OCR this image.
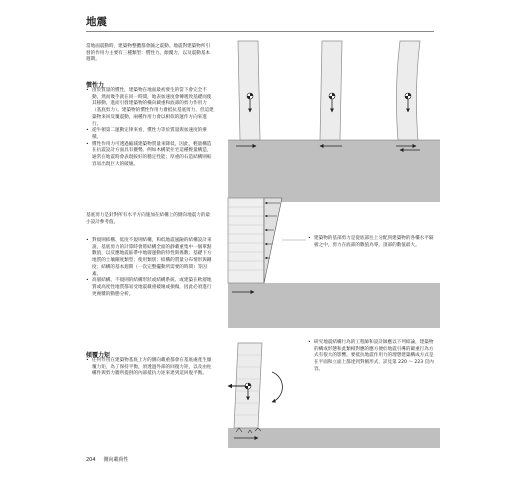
地震

當地面震動時，建築物整體都會隨之震動。地震對建築物所引發的作用力主要有三種類型：慣性力、傾覆力，以及震動基本週期。

慣性力
• 由於質量的慣性，建築物在地面最初發生的當下會完全不動，然而幾乎就在同一時間，地表加速度會傳遞致基礎而使其移動，進而引發建築物的橫向載重和底部的剪力作用力（基底剪力）。建築物的慣性作用力會抵抗基底剪力，但這建築物來回反覆震動，兩種作用力會以相似的運作方向來進行。
• 從牛頓第二運動定律來看，慣性力等於質量與加速度的乘積。
• 慣性作用力可透過縮減建築物質量來降低，因此，輕量構造在抗震設計方面具有優勢。例如木構架住宅這種輕量構造，通常在地震時會表現較好的穩定性能；厚重的石造結構則較容易出現巨大的破壞。

基底剪力是針對所有水平方向施加在結構上的側向地震力的最小設計參考值。

• 對規則結構、低度不規則結構，和低地震風險的結構設計來說，基底剪力的計算時會將結構全面的靜載重集中一個單點數值，以反應地震區帶中地層運動的特性與係數；基礎下方地質的土壤剛度類型；使用類別；結構的質量分布情形與剛度；結構的基本週期（一次完整擺動所需要的時間）等因素。
• 高層結構、不規則的結構形狀或結構系統、或建築在軟層地質或高度性地質都易受地震載重破壞或損傷，因此必須進行更複雜的動態分析。
傾覆力矩
• 任何作用在建築物基底上方的側向載重都會在基底處產生傾覆力矩，為了保持平衡，須透過外部的回復力矩，以及由柱構件與剪力牆所提供的內部抵抗力矩來達到這回復平衡。

• 建築物的基部剪力是從底部往上分配到建築物的各樓水平隔板之中，剪力在底部的數值為零，頂部的數值最大。

• 研究地震結構行為的工程師和設計師應以下列結論，建築物的構成形態和此類相對應的應方便於地震引導的載重行為方式有很大的影響。要抵抗地震作用力的理想建築構成方式是在平面和立面上都達到對稱形式，詳見第 220 ～ 223 頁內容。

204 側向載荷性
